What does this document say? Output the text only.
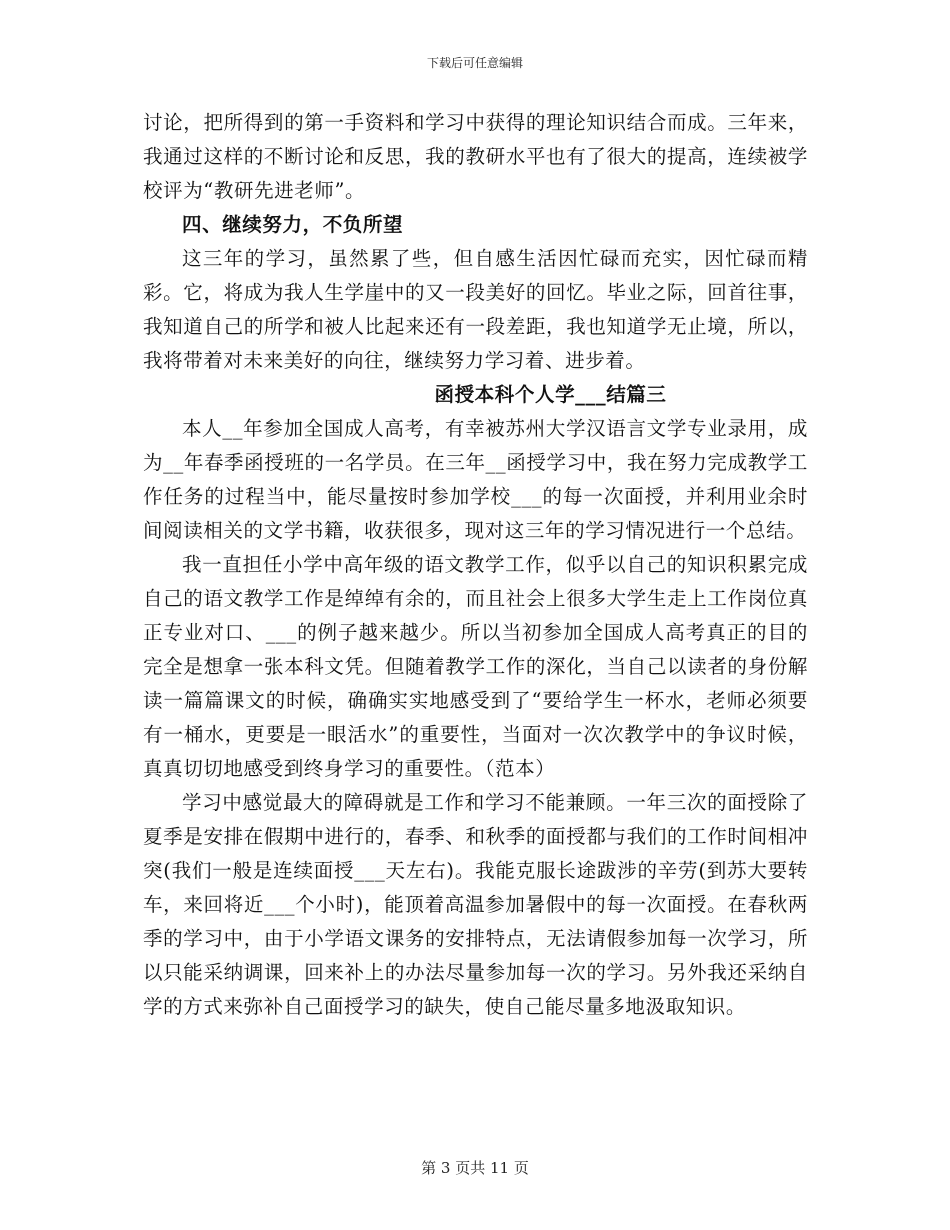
下载后可任意编辑

讨论，把所得到的第一手资料和学习中获得的理论知识结合而成。三年来，我通过这样的不断讨论和反思，我的教研水平也有了很大的提高，连续被学校评为“教研先进老师”。

四、继续努力，不负所望

这三年的学习，虽然累了些，但自感生活因忙碌而充实，因忙碌而精彩。它，将成为我人生学崖中的又一段美好的回忆。毕业之际，回首往事，我知道自己的所学和被人比起来还有一段差距，我也知道学无止境，所以，我将带着对未来美好的向往，继续努力学习着、进步着。

函授本科个人学___结篇三

本人__年参加全国成人高考，有幸被苏州大学汉语言文学专业录用，成为__年春季函授班的一名学员。在三年__函授学习中，我在努力完成教学工作任务的过程当中，能尽量按时参加学校___的每一次面授，并利用业余时间阅读相关的文学书籍，收获很多，现对这三年的学习情况进行一个总结。

我一直担任小学中高年级的语文教学工作，似乎以自己的知识积累完成自己的语文教学工作是绰绰有余的，而且社会上很多大学生走上工作岗位真正专业对口、___的例子越来越少。所以当初参加全国成人高考真正的目的完全是想拿一张本科文凭。但随着教学工作的深化，当自己以读者的身份解读一篇篇课文的时候，确确实实地感受到了“要给学生一杯水，老师必须要有一桶水，更要是一眼活水”的重要性，当面对一次次教学中的争议时候，真真切切地感受到终身学习的重要性。（范本）

学习中感觉最大的障碍就是工作和学习不能兼顾。一年三次的面授除了夏季是安排在假期中进行的，春季、和秋季的面授都与我们的工作时间相冲突(我们一般是连续面授___天左右)。我能克服长途跋涉的辛劳(到苏大要转车，来回将近___个小时)，能顶着高温参加暑假中的每一次面授。在春秋两季的学习中，由于小学语文课务的安排特点，无法请假参加每一次学习，所以只能采纳调课，回来补上的办法尽量参加每一次的学习。另外我还采纳自学的方式来弥补自己面授学习的缺失，使自己能尽量多地汲取知识。

第 3 页共 11 页
